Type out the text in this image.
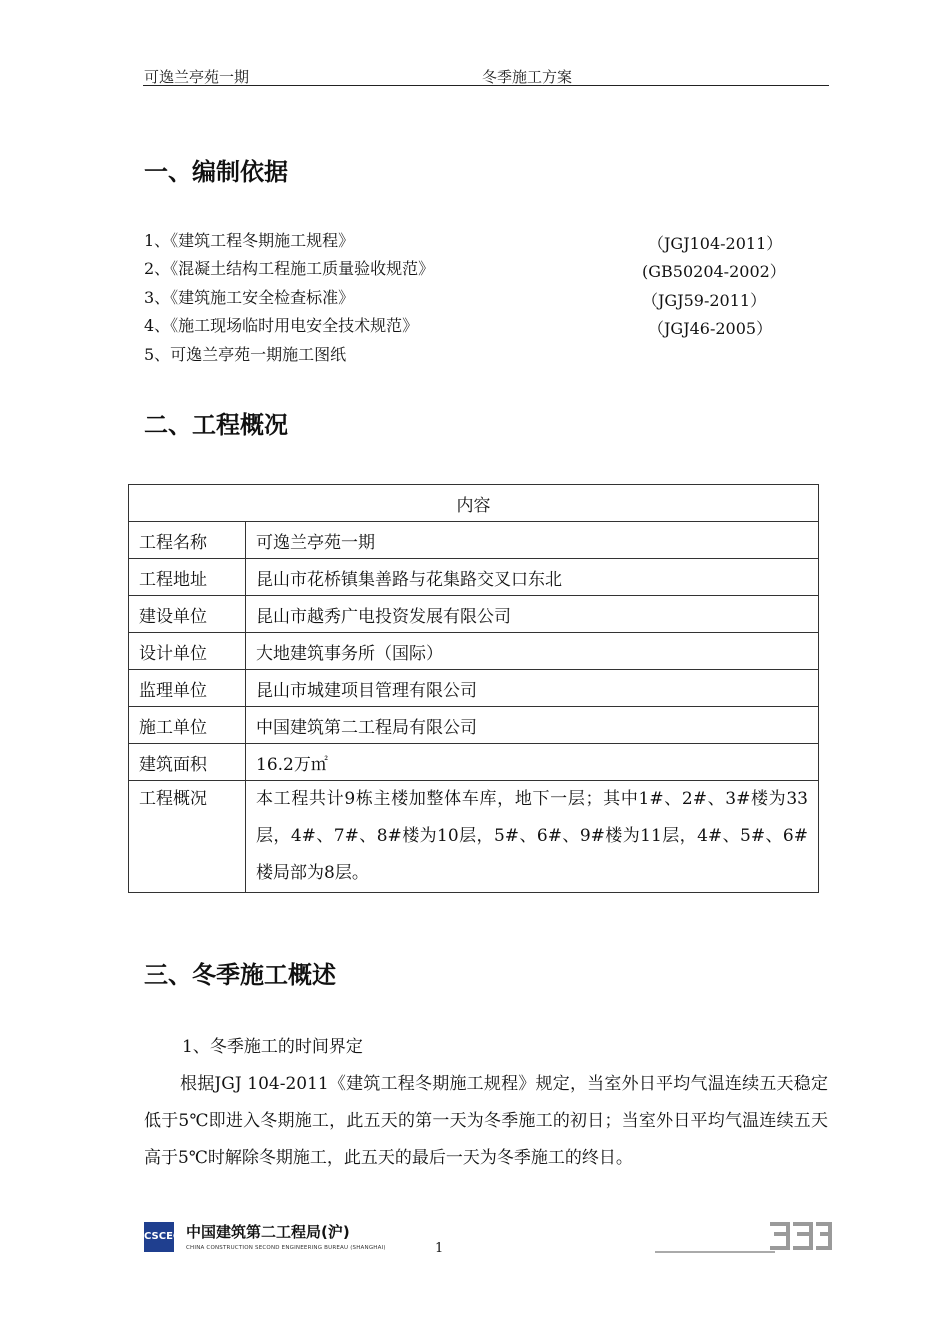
可逸兰亭苑一期	冬季施工方案
一、编制依据
1、《建筑工程冬期施工规程》	（JGJ104-2011）
2、《混凝土结构工程施工质量验收规范》	(GB50204-2002）
3、《建筑施工安全检查标准》	（JGJ59-2011）
4、《施工现场临时用电安全技术规范》	（JGJ46-2005）
5、可逸兰亭苑一期施工图纸
二、工程概况
内容	
工程名称	可逸兰亭苑一期
工程地址	昆山市花桥镇集善路与花集路交叉口东北
建设单位	昆山市越秀广电投资发展有限公司
设计单位	大地建筑事务所（国际）
监理单位	昆山市城建项目管理有限公司
施工单位	中国建筑第二工程局有限公司
建筑面积	16.2万㎡
工程概况	本工程共计9栋主楼加整体车库，地下一层；其中1#、2#、3#楼为33层，4#、7#、8#楼为10层，5#、6#、9#楼为11层，4#、5#、6#楼局部为8层。
三、冬季施工概述
1、冬季施工的时间界定
根据JGJ 104-2011《建筑工程冬期施工规程》规定，当室外日平均气温连续五天稳定低于5℃即进入冬期施工，此五天的第一天为冬季施工的初日；当室外日平均气温连续五天高于5℃时解除冬期施工，此五天的最后一天为冬季施工的终日。
CSCEC 中国建筑第二工程局(沪)
CHINA CONSTRUCTION SECOND ENGINEERING BUREAU (SHANGHAI)	1
